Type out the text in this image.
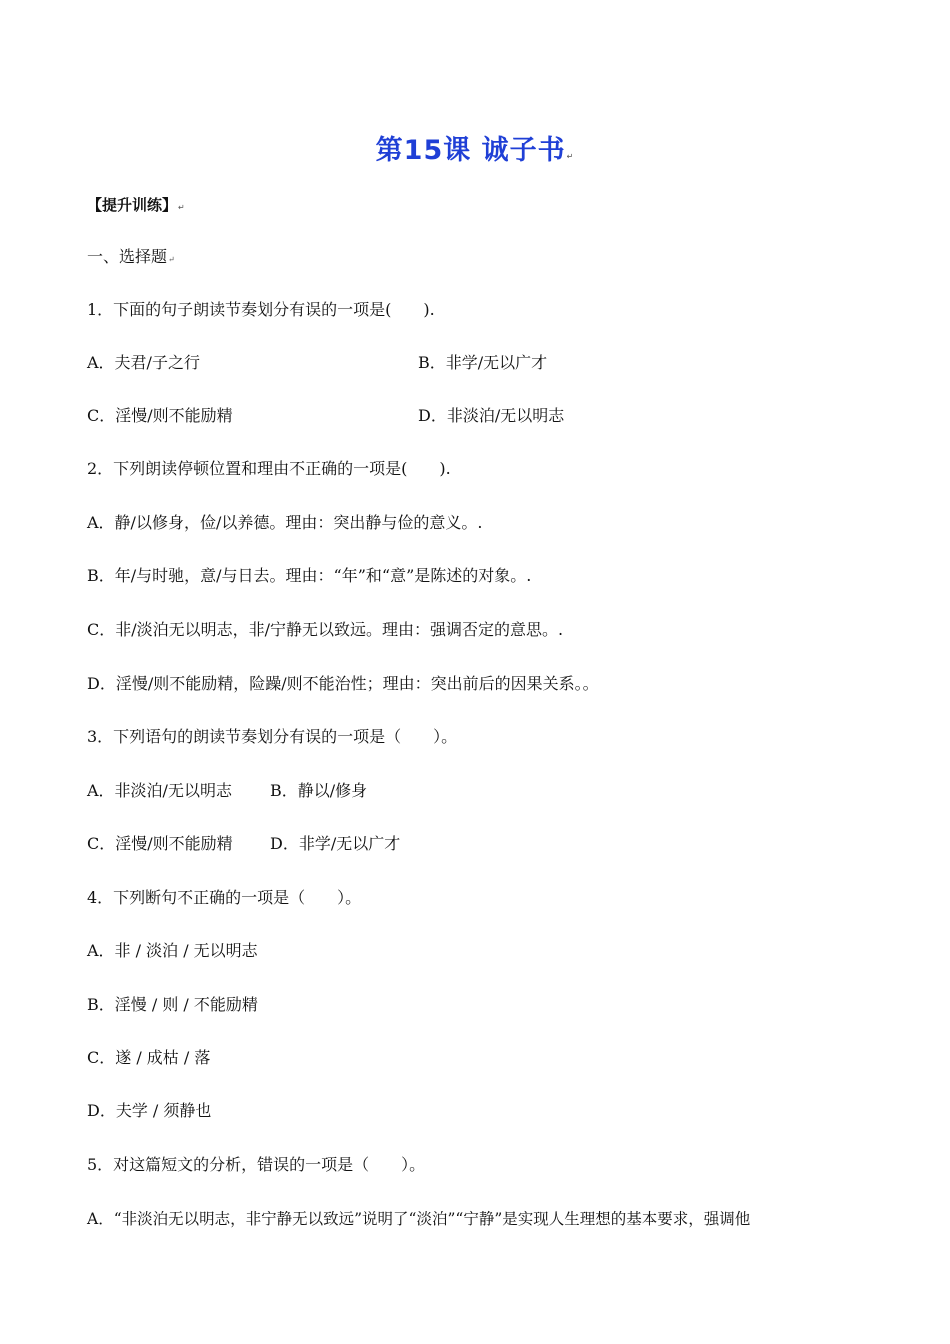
第15课 诚子书↵
【提升训练】↵
一、选择题↵
1．下面的句子朗读节奏划分有误的一项是(　　).
A．夫君/子之行	B．非学/无以广才
C．淫慢/则不能励精	D．非淡泊/无以明志
2．下列朗读停顿位置和理由不正确的一项是(　　).
A．静/以修身，俭/以养德。理由：突出静与俭的意义。.
B．年/与时驰，意/与日去。理由：“年”和“意”是陈述的对象。.
C．非/淡泊无以明志，非/宁静无以致远。理由：强调否定的意思。.
D．淫慢/则不能励精，险躁/则不能治性；理由：突出前后的因果关系。。
3．下列语句的朗读节奏划分有误的一项是（　　）。
A．非淡泊/无以明志 B．静以/修身
C．淫慢/则不能励精 D．非学/无以广才
4．下列断句不正确的一项是（　　）。
A．非 / 淡泊 / 无以明志
B．淫慢 / 则 / 不能励精
C．遂 / 成枯 / 落
D．夫学 / 须静也
5．对这篇短文的分析，错误的一项是（　　）。
A．“非淡泊无以明志，非宁静无以致远”说明了“淡泊”“宁静”是实现人生理想的基本要求，强调他
